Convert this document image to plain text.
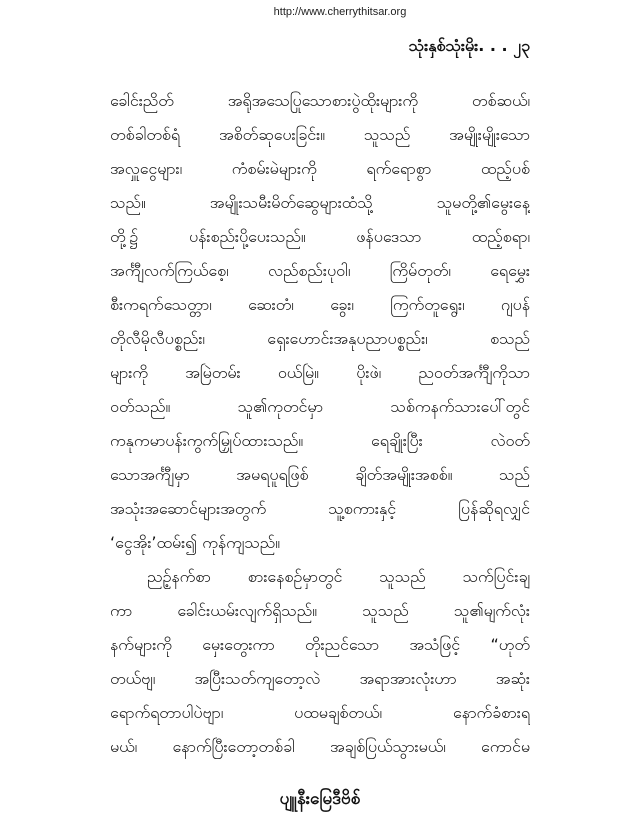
http://www.cherrythitsar.org
သုံးနှစ်သုံးမိုး. . . ၂၃
ခေါင်းညိတ် အရိုအသေပြုသောစားပွဲထိုးများကို တစ်ဆယ်၊
တစ်ခါတစ်ရံ အစိတ်ဆုပေးခြင်း။ သူသည် အမျိုးမျိုးသော
အလှူငွေများ၊ ကံစမ်းမဲများကို ရက်ရောစွာ ထည့်ပစ်
သည်။ အမျိုးသမီးမိတ်ဆွေများထံသို့ သူမတို့၏မွေးနေ့
တို့၌ ပန်းစည်းပို့ပေးသည်။ ဖန်ပဒေသာ ထည့်စရာ၊
အင်္ကျီလက်ကြယ်စေ့၊ လည်စည်းပုဝါ၊ ကြိမ်တုတ်၊ ရေမွှေး
စီးကရက်သေတ္တာ၊ ဆေးတံ၊ ခွေး၊ ကြက်တူရွေး၊ ဂျပန်
တိုလီမိုလီပစ္စည်း၊ ရှေးဟောင်းအနုပညာပစ္စည်း၊ စသည်
များကို အမြဲတမ်း ဝယ်မြဲ။ ပိုးဖဲ၊ ညဝတ်အင်္ကျီကိုသာ
ဝတ်သည်။ သူ၏ကုတင်မှာ သစ်ကနက်သားပေါ်တွင်
ကနုကမာပန်းကွက်မြှုပ်ထားသည်။ ရေချိုးပြီး လဲဝတ်
သောအင်္ကျီမှာ အမရပူရဖြစ် ချိတ်အမျိုးအစစ်။ သည်
အသုံးအဆောင်များအတွက် သူ့စကားနှင့် ပြန်ဆိုရလျှင်
‘ငွေအိုး’ထမ်း၍ ကုန်ကျသည်။
ညဉ့်နက်စာ စားနေစဉ်မှာတွင် သူသည် သက်ပြင်းချ
ကာ ခေါင်းယမ်းလျက်ရှိသည်။ သူသည် သူ၏မျက်လုံး
နက်များကို မှေးတွေးကာ တိုးညင်သော အသံဖြင့် “ဟုတ်
တယ်ဗျ၊ အပြီးသတ်ကျတော့လဲ အရာအားလုံးဟာ အဆုံး
ရောက်ရတာပါပဲဗျာ၊ ပထမချစ်တယ်၊ နောက်ခံစားရ
မယ်၊ နောက်ပြီးတော့တစ်ခါ အချစ်ပြယ်သွားမယ်၊ ကောင်မ
ပျူနီးမြေဒီဗိစ်
